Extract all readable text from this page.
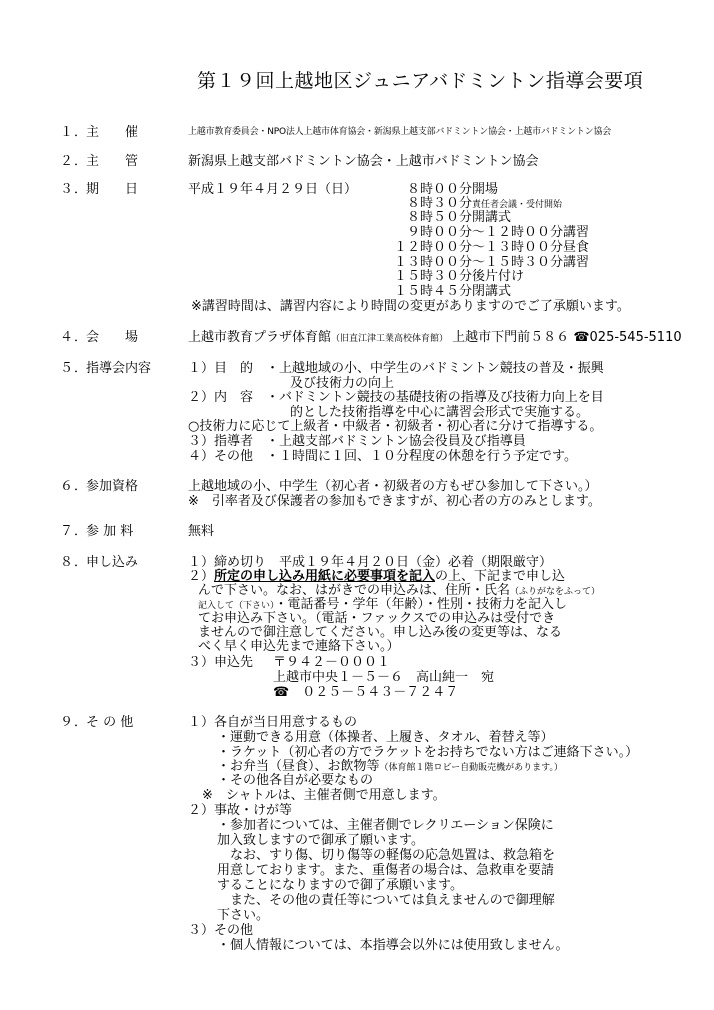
第１９回上越地区ジュニアバドミントン指導会要項
１．
主　　催	上越市教育委員会・NPO法人上越市体育協会・新潟県上越支部バドミントン協会・上越市バドミントン協会
２．
主　　管	新潟県上越支部バドミントン協会・上越市バドミントン協会
３．
期　　日	平成１９年４月２９日（日）	８時００分開場
８時３０分責任者会議・受付開始
８時５０分開講式
９時００分～１２時００分講習
１２時００分～１３時００分昼食
１３時００分～１５時３０分講習
１５時３０分後片付け
１５時４５分閉講式
※講習時間は、講習内容により時間の変更がありますのでご了承願います。
４．
会　　場	上越市教育プラザ体育館（旧直江津工業高校体育館） 上越市下門前５８６ ☎025-545-5110
５．
指導会内容	１）目　的　・上越地域の小、中学生のバドミントン競技の普及・振興
及び技術力の向上
２）内　容　・バドミントン競技の基礎技術の指導及び技術力向上を目
的とした技術指導を中心に講習会形式で実施する。
○技術力に応じて上級者・中級者・初級者・初心者に分けて指導する。
３）指導者　・上越支部バドミントン協会役員及び指導員
４）その他　・１時間に１回、１０分程度の休憩を行う予定です。
６．
参加資格	上越地域の小、中学生（初心者・初級者の方もぜひ参加して下さい。）
※　引率者及び保護者の参加もできますが、初心者の方のみとします。
７．
参 加 料	無料
８．
申し込み	１）締め切り　平成１９年４月２０日（金）必着（期限厳守）
２）所定の申し込み用紙に必要事項を記入の上、下記まで申し込
んで下さい。なお、はがきでの申込みは、住所・氏名（ふりがなをふって）
記入して（下さい）・電話番号・学年（年齢）・性別・技術力を記入し
てお申込み下さい。（電話・ファックスでの申込みは受付でき
ませんので御注意してください。申し込み後の変更等は、なる
べく早く申込先まで連絡下さい。）
３）申込先 〒９４２－０００１
上越市中央１－５－６　高山純一　宛
☎　０２５－５４３－７２４７
９．
そ の 他	１）各自が当日用意するもの
・運動できる用意（体操者、上履き、タオル、着替え等）
・ラケット（初心者の方でラケットをお持ちでない方はご連絡下さい。）
・お弁当（昼食）、お飲物等（体育館１階ロビー自動販売機があります。）
・その他各自が必要なもの
※　シャトルは、主催者側で用意します。
２）事故・けが等
・参加者については、主催者側でレクリエーション保険に
加入致しますので御承了願います。
なお、すり傷、切り傷等の軽傷の応急処置は、救急箱を
用意しております。また、重傷者の場合は、急救車を要請
することになりますので御了承願います。
また、その他の責任等については負えませんので御理解
下さい。
３）その他
・個人情報については、本指導会以外には使用致しません。
